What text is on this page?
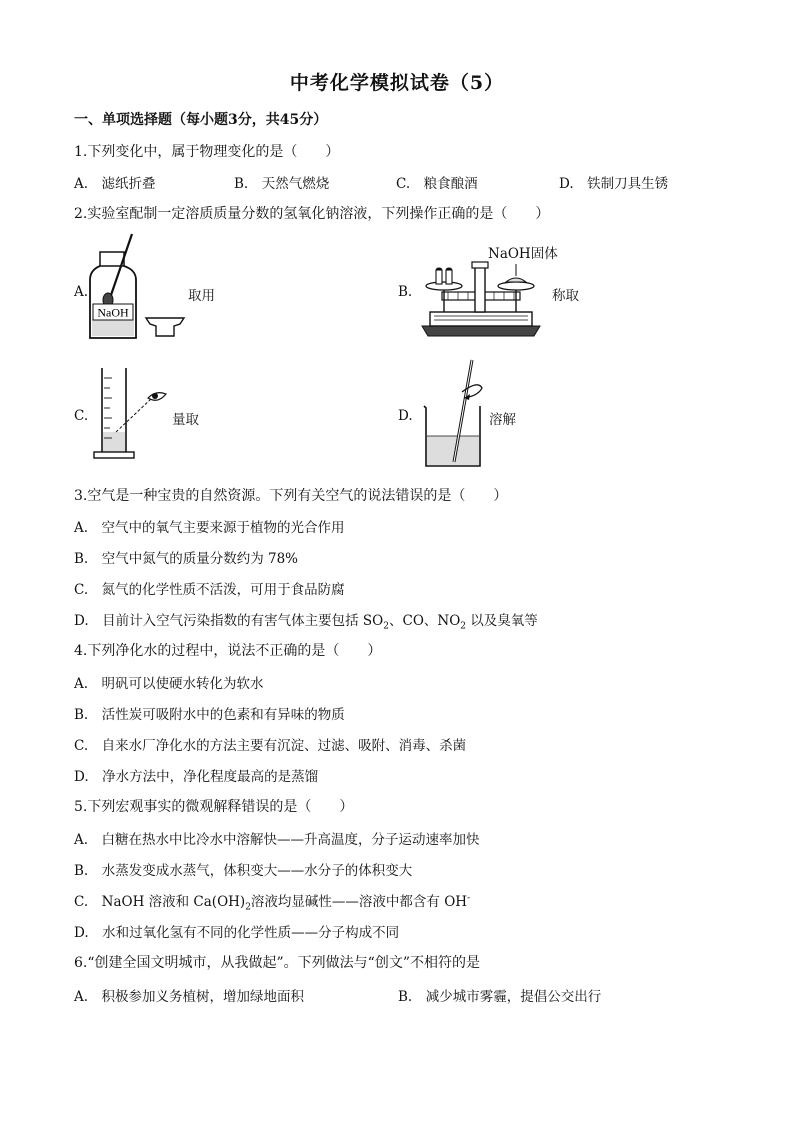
中考化学模拟试卷（5）
一、单项选择题（每小题3分，共45分）
1.下列变化中，属于物理变化的是（　　）
A.　滤纸折叠	B.　天然气燃烧	C.　粮食酿酒	D.　铁制刀具生锈
2.实验室配制一定溶质质量分数的氢氧化钠溶液，下列操作正确的是（　　）
A.
NaOH
取用	B.
NaOH固体
称取
C.	量取	D.	溶解
3.空气是一种宝贵的自然资源。下列有关空气的说法错误的是（　　）
A.　空气中的氧气主要来源于植物的光合作用
B.　空气中氮气的质量分数约为 78%
C.　氮气的化学性质不活泼，可用于食品防腐
D.　目前计入空气污染指数的有害气体主要包括 $SO_2$、CO、$NO_2$ 以及臭氧等
4.下列净化水的过程中，说法不正确的是（　　）
A.　明矾可以使硬水转化为软水
B.　活性炭可吸附水中的色素和有异味的物质
C.　自来水厂净化水的方法主要有沉淀、过滤、吸附、消毒、杀菌
D.　净水方法中，净化程度最高的是蒸馏
5.下列宏观事实的微观解释错误的是（　　）
A.　白糖在热水中比冷水中溶解快——升高温度，分子运动速率加快
B.　水蒸发变成水蒸气，体积变大——水分子的体积变大
C.　NaOH 溶液和 $Ca(OH)_2$溶液均显碱性——溶液中都含有 OH-
D.　水和过氧化氢有不同的化学性质——分子构成不同
6.“创建全国文明城市，从我做起”。下列做法与“创文”不相符的是
A.　积极参加义务植树，增加绿地面积	B.　减少城市雾霾，提倡公交出行
